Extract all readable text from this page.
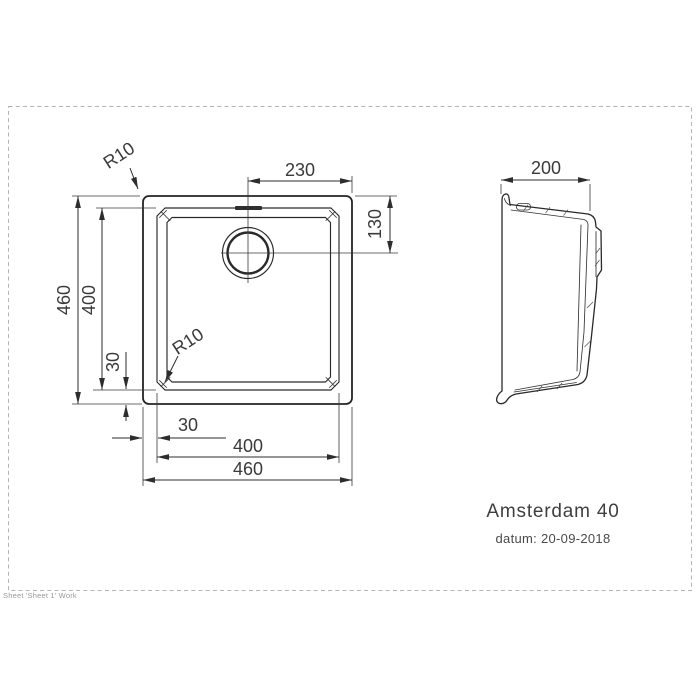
230
130
460 400
30
30
400
460
R10
R10
200
Amsterdam 40
datum: 20-09-2018
Sheet 'Sheet 1' Work
